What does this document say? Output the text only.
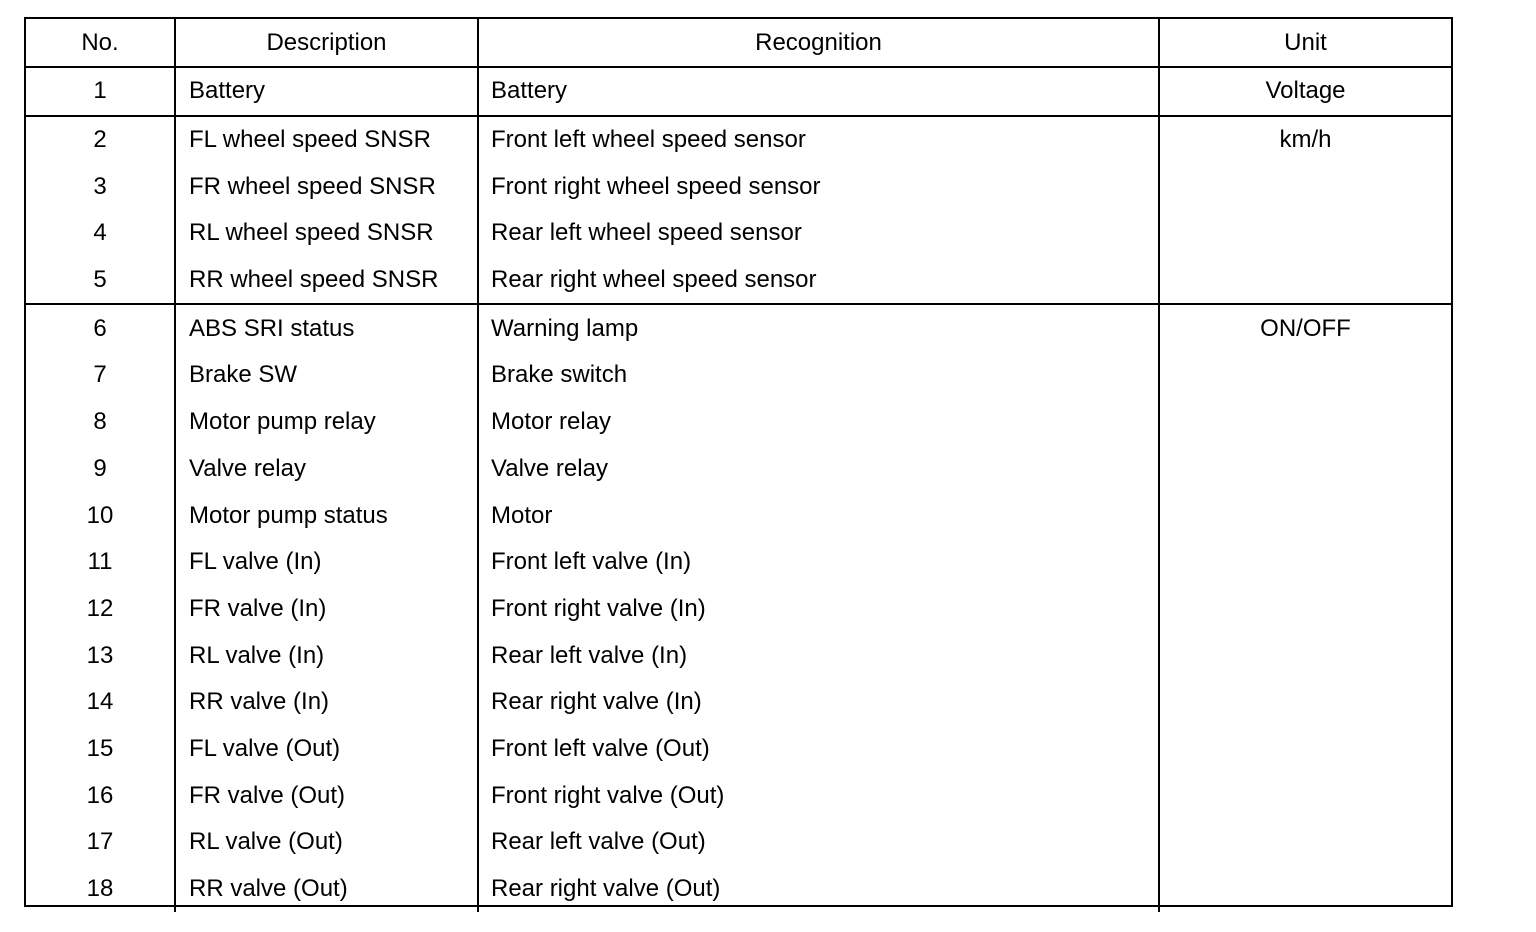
No.	Description	Recognition	Unit
1	Battery	Battery	Voltage
2	FL wheel speed SNSR	Front left wheel speed sensor	km/h
3	FR wheel speed SNSR	Front right wheel speed sensor	
4	RL wheel speed SNSR	Rear left wheel speed sensor	
5	RR wheel speed SNSR	Rear right wheel speed sensor	
6	ABS SRI status	Warning lamp	ON/OFF
7	Brake SW	Brake switch	
8	Motor pump relay	Motor relay	
9	Valve relay	Valve relay	
10	Motor pump status	Motor	
11	FL valve (In)	Front left valve (In)	
12	FR valve (In)	Front right valve (In)	
13	RL valve (In)	Rear left valve (In)	
14	RR valve (In)	Rear right valve (In)	
15	FL valve (Out)	Front left valve (Out)	
16	FR valve (Out)	Front right valve (Out)	
17	RL valve (Out)	Rear left valve (Out)	
18	RR valve (Out)	Rear right valve (Out)	
